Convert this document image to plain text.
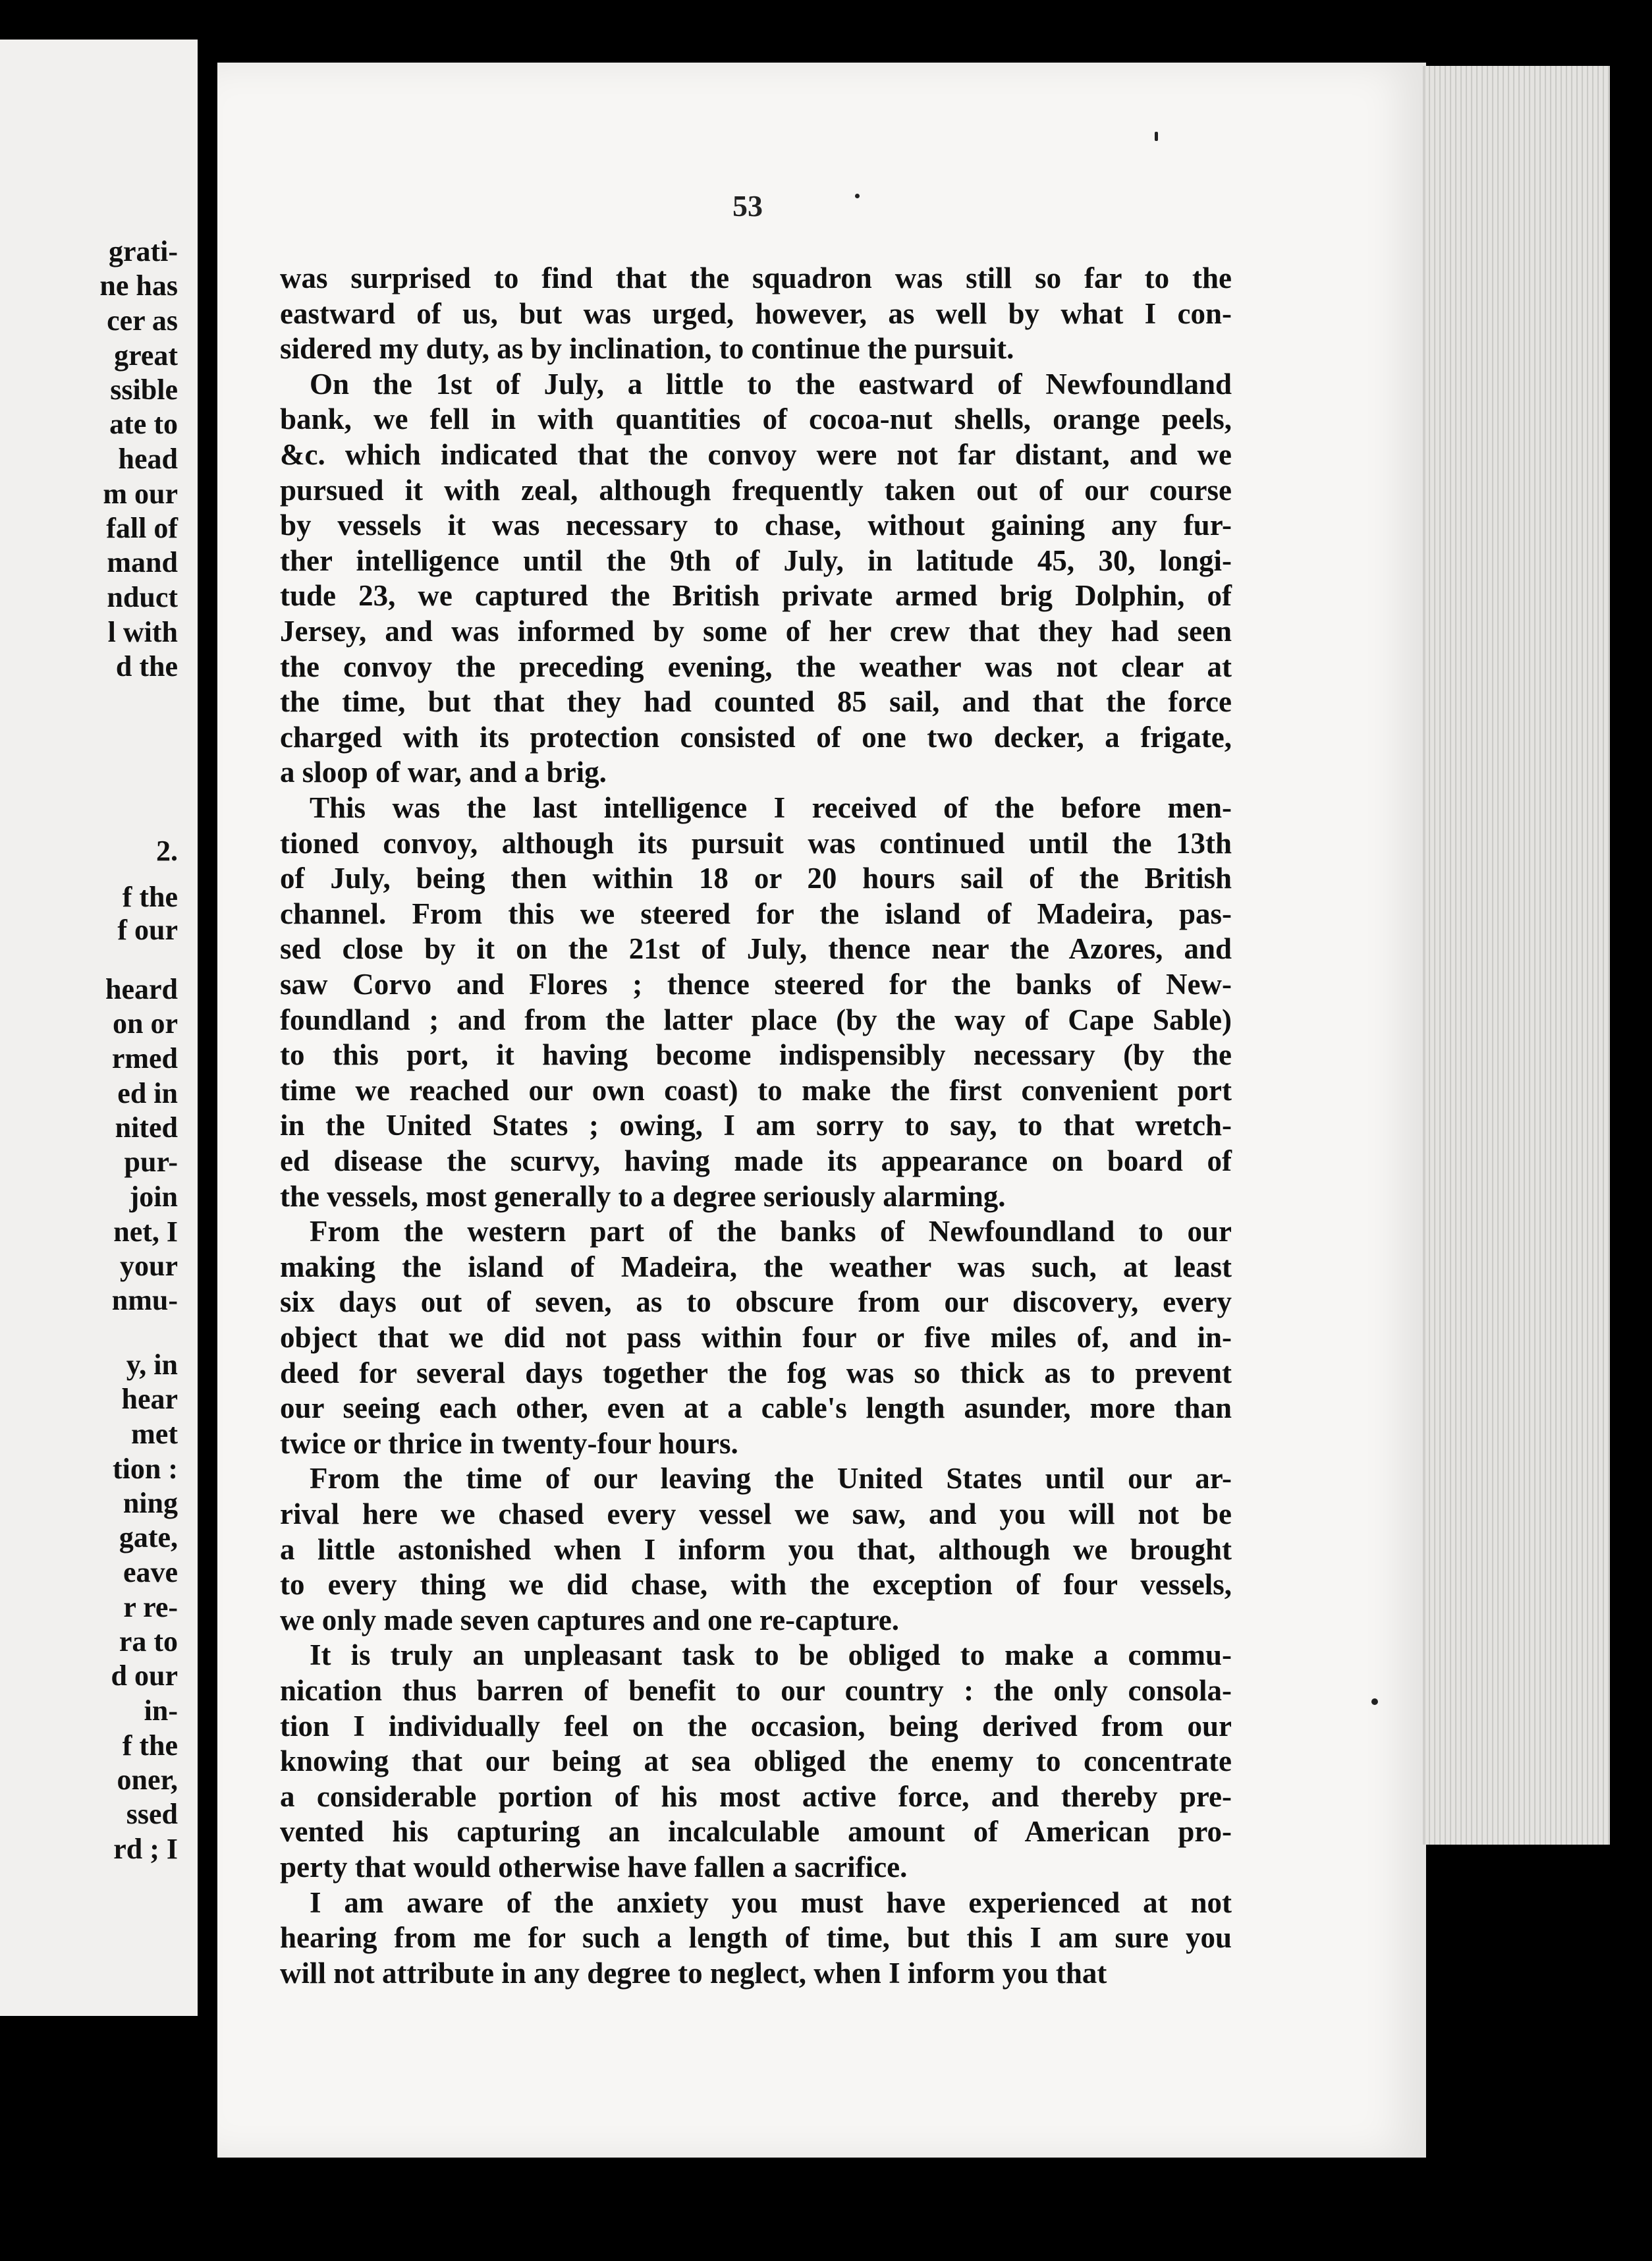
grati-
ne has
cer as
great
ssible
ate to
head
m our
fall of
mand
nduct
l with
d the
2.
f the
f our
heard
on or
rmed
ed in
nited
pur-
join
net, I
your
nmu-
y, in
hear
met
tion :
ning
gate,
eave
r re-
ra to
d our
in-
f the
oner,
ssed
rd ; I
53
was surprised to find that the squadron was still so far to the
eastward of us, but was urged, however, as well by what I con-
sidered my duty, as by inclination, to continue the pursuit.
On the 1st of July, a little to the eastward of Newfoundland
bank, we fell in with quantities of cocoa-nut shells, orange peels,
&c. which indicated that the convoy were not far distant, and we
pursued it with zeal, although frequently taken out of our course
by vessels it was necessary to chase, without gaining any fur-
ther intelligence until the 9th of July, in latitude 45, 30, longi-
tude 23, we captured the British private armed brig Dolphin, of
Jersey, and was informed by some of her crew that they had seen
the convoy the preceding evening, the weather was not clear at
the time, but that they had counted 85 sail, and that the force
charged with its protection consisted of one two decker, a frigate,
a sloop of war, and a brig.
This was the last intelligence I received of the before men-
tioned convoy, although its pursuit was continued until the 13th
of July, being then within 18 or 20 hours sail of the British
channel. From this we steered for the island of Madeira, pas-
sed close by it on the 21st of July, thence near the Azores, and
saw Corvo and Flores ; thence steered for the banks of New-
foundland ; and from the latter place (by the way of Cape Sable)
to this port, it having become indispensibly necessary (by the
time we reached our own coast) to make the first convenient port
in the United States ; owing, I am sorry to say, to that wretch-
ed disease the scurvy, having made its appearance on board of
the vessels, most generally to a degree seriously alarming.
From the western part of the banks of Newfoundland to our
making the island of Madeira, the weather was such, at least
six days out of seven, as to obscure from our discovery, every
object that we did not pass within four or five miles of, and in-
deed for several days together the fog was so thick as to prevent
our seeing each other, even at a cable's length asunder, more than
twice or thrice in twenty-four hours.
From the time of our leaving the United States until our ar-
rival here we chased every vessel we saw, and you will not be
a little astonished when I inform you that, although we brought
to every thing we did chase, with the exception of four vessels,
we only made seven captures and one re-capture.
It is truly an unpleasant task to be obliged to make a commu-
nication thus barren of benefit to our country : the only consola-
tion I individually feel on the occasion, being derived from our
knowing that our being at sea obliged the enemy to concentrate
a considerable portion of his most active force, and thereby pre-
vented his capturing an incalculable amount of American pro-
perty that would otherwise have fallen a sacrifice.
I am aware of the anxiety you must have experienced at not
hearing from me for such a length of time, but this I am sure you
will not attribute in any degree to neglect, when I inform you that
